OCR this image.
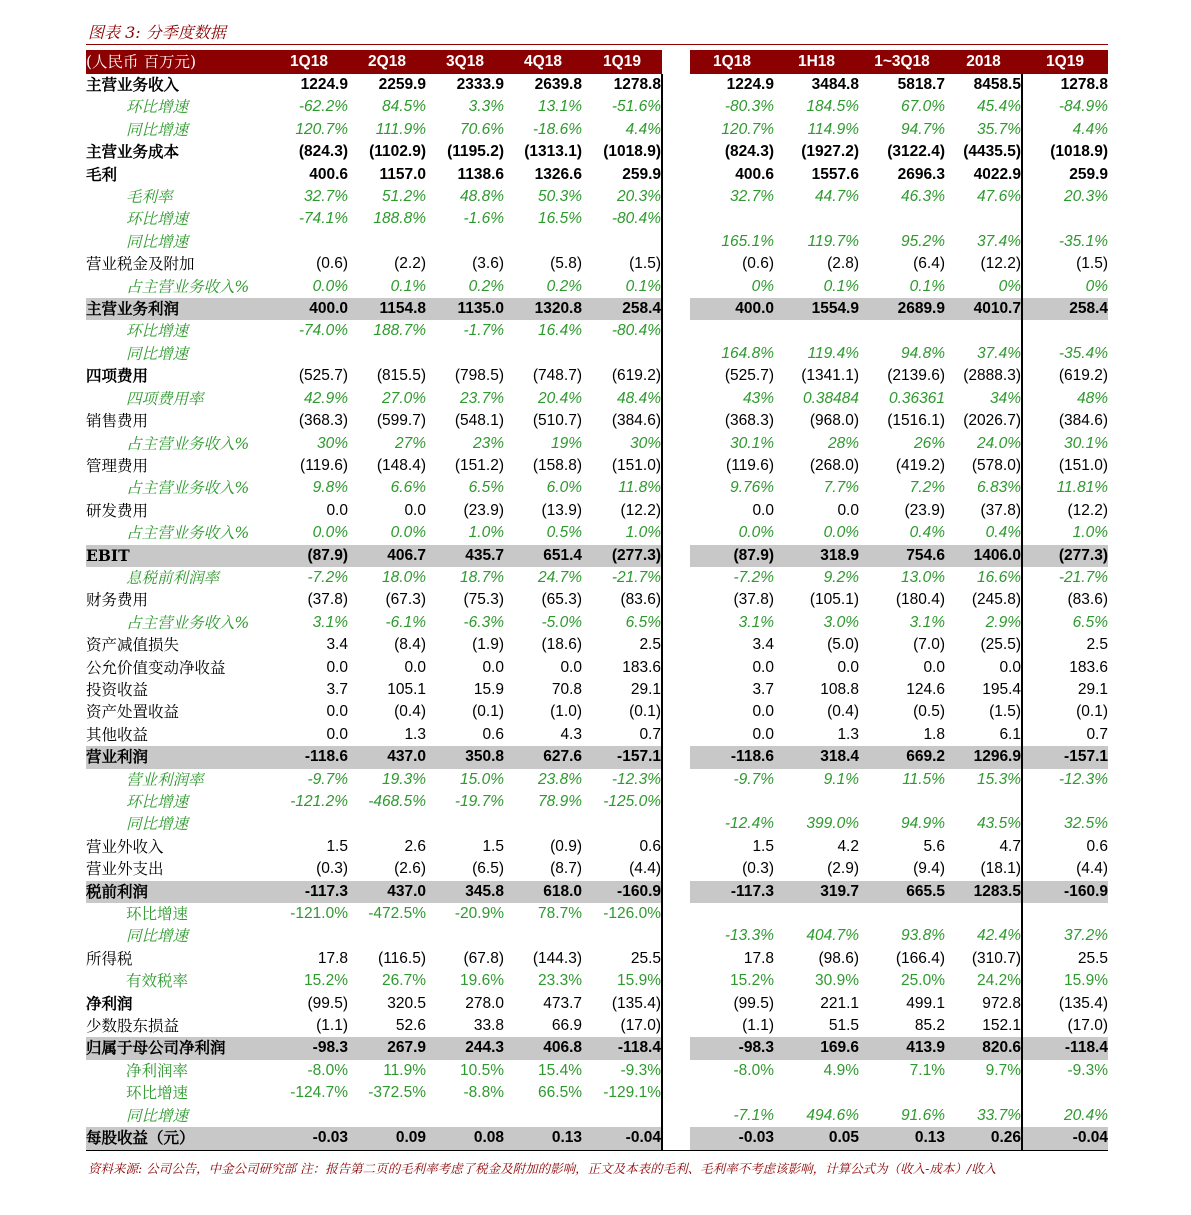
图表 3: 分季度数据
(人民币 百万元)	1Q18	2Q18	3Q18	4Q18	1Q19		1Q18	1H18	1~3Q18	2018	1Q19
主营业务收入	1224.9	2259.9	2333.9	2639.8	1278.8		1224.9	3484.8	5818.7	8458.5	1278.8
环比增速	-62.2%	84.5%	3.3%	13.1%	-51.6%		-80.3%	184.5%	67.0%	45.4%	-84.9%
同比增速	120.7%	111.9%	70.6%	-18.6%	4.4%		120.7%	114.9%	94.7%	35.7%	4.4%
主营业务成本	(824.3)	(1102.9)	(1195.2)	(1313.1)	(1018.9)		(824.3)	(1927.2)	(3122.4)	(4435.5)	(1018.9)
毛利	400.6	1157.0	1138.6	1326.6	259.9		400.6	1557.6	2696.3	4022.9	259.9
毛利率	32.7%	51.2%	48.8%	50.3%	20.3%		32.7%	44.7%	46.3%	47.6%	20.3%
环比增速	-74.1%	188.8%	-1.6%	16.5%	-80.4%						
同比增速							165.1%	119.7%	95.2%	37.4%	-35.1%
营业税金及附加	(0.6)	(2.2)	(3.6)	(5.8)	(1.5)		(0.6)	(2.8)	(6.4)	(12.2)	(1.5)
占主营业务收入%	0.0%	0.1%	0.2%	0.2%	0.1%		0%	0.1%	0.1%	0%	0%
主营业务利润	400.0	1154.8	1135.0	1320.8	258.4		400.0	1554.9	2689.9	4010.7	258.4
环比增速	-74.0%	188.7%	-1.7%	16.4%	-80.4%						
同比增速							164.8%	119.4%	94.8%	37.4%	-35.4%
四项费用	(525.7)	(815.5)	(798.5)	(748.7)	(619.2)		(525.7)	(1341.1)	(2139.6)	(2888.3)	(619.2)
四项费用率	42.9%	27.0%	23.7%	20.4%	48.4%		43%	0.38484	0.36361	34%	48%
销售费用	(368.3)	(599.7)	(548.1)	(510.7)	(384.6)		(368.3)	(968.0)	(1516.1)	(2026.7)	(384.6)
占主营业务收入%	30%	27%	23%	19%	30%		30.1%	28%	26%	24.0%	30.1%
管理费用	(119.6)	(148.4)	(151.2)	(158.8)	(151.0)		(119.6)	(268.0)	(419.2)	(578.0)	(151.0)
占主营业务收入%	9.8%	6.6%	6.5%	6.0%	11.8%		9.76%	7.7%	7.2%	6.83%	11.81%
研发费用	0.0	0.0	(23.9)	(13.9)	(12.2)		0.0	0.0	(23.9)	(37.8)	(12.2)
占主营业务收入%	0.0%	0.0%	1.0%	0.5%	1.0%		0.0%	0.0%	0.4%	0.4%	1.0%
EBIT	(87.9)	406.7	435.7	651.4	(277.3)		(87.9)	318.9	754.6	1406.0	(277.3)
息税前利润率	-7.2%	18.0%	18.7%	24.7%	-21.7%		-7.2%	9.2%	13.0%	16.6%	-21.7%
财务费用	(37.8)	(67.3)	(75.3)	(65.3)	(83.6)		(37.8)	(105.1)	(180.4)	(245.8)	(83.6)
占主营业务收入%	3.1%	-6.1%	-6.3%	-5.0%	6.5%		3.1%	3.0%	3.1%	2.9%	6.5%
资产减值损失	3.4	(8.4)	(1.9)	(18.6)	2.5		3.4	(5.0)	(7.0)	(25.5)	2.5
公允价值变动净收益	0.0	0.0	0.0	0.0	183.6		0.0	0.0	0.0	0.0	183.6
投资收益	3.7	105.1	15.9	70.8	29.1		3.7	108.8	124.6	195.4	29.1
资产处置收益	0.0	(0.4)	(0.1)	(1.0)	(0.1)		0.0	(0.4)	(0.5)	(1.5)	(0.1)
其他收益	0.0	1.3	0.6	4.3	0.7		0.0	1.3	1.8	6.1	0.7
营业利润	-118.6	437.0	350.8	627.6	-157.1		-118.6	318.4	669.2	1296.9	-157.1
营业利润率	-9.7%	19.3%	15.0%	23.8%	-12.3%		-9.7%	9.1%	11.5%	15.3%	-12.3%
环比增速	-121.2%	-468.5%	-19.7%	78.9%	-125.0%						
同比增速							-12.4%	399.0%	94.9%	43.5%	32.5%
营业外收入	1.5	2.6	1.5	(0.9)	0.6		1.5	4.2	5.6	4.7	0.6
营业外支出	(0.3)	(2.6)	(6.5)	(8.7)	(4.4)		(0.3)	(2.9)	(9.4)	(18.1)	(4.4)
税前利润	-117.3	437.0	345.8	618.0	-160.9		-117.3	319.7	665.5	1283.5	-160.9
环比增速	-121.0%	-472.5%	-20.9%	78.7%	-126.0%						
同比增速							-13.3%	404.7%	93.8%	42.4%	37.2%
所得税	17.8	(116.5)	(67.8)	(144.3)	25.5		17.8	(98.6)	(166.4)	(310.7)	25.5
有效税率	15.2%	26.7%	19.6%	23.3%	15.9%		15.2%	30.9%	25.0%	24.2%	15.9%
净利润	(99.5)	320.5	278.0	473.7	(135.4)		(99.5)	221.1	499.1	972.8	(135.4)
少数股东损益	(1.1)	52.6	33.8	66.9	(17.0)		(1.1)	51.5	85.2	152.1	(17.0)
归属于母公司净利润	-98.3	267.9	244.3	406.8	-118.4		-98.3	169.6	413.9	820.6	-118.4
净利润率	-8.0%	11.9%	10.5%	15.4%	-9.3%		-8.0%	4.9%	7.1%	9.7%	-9.3%
环比增速	-124.7%	-372.5%	-8.8%	66.5%	-129.1%						
同比增速							-7.1%	494.6%	91.6%	33.7%	20.4%
每股收益（元）	-0.03	0.09	0.08	0.13	-0.04		-0.03	0.05	0.13	0.26	-0.04
资料来源: 公司公告，中金公司研究部 注：报告第二页的毛利率考虑了税金及附加的影响，正文及本表的毛利、毛利率不考虑该影响，计算公式为（收入-成本）/收入
